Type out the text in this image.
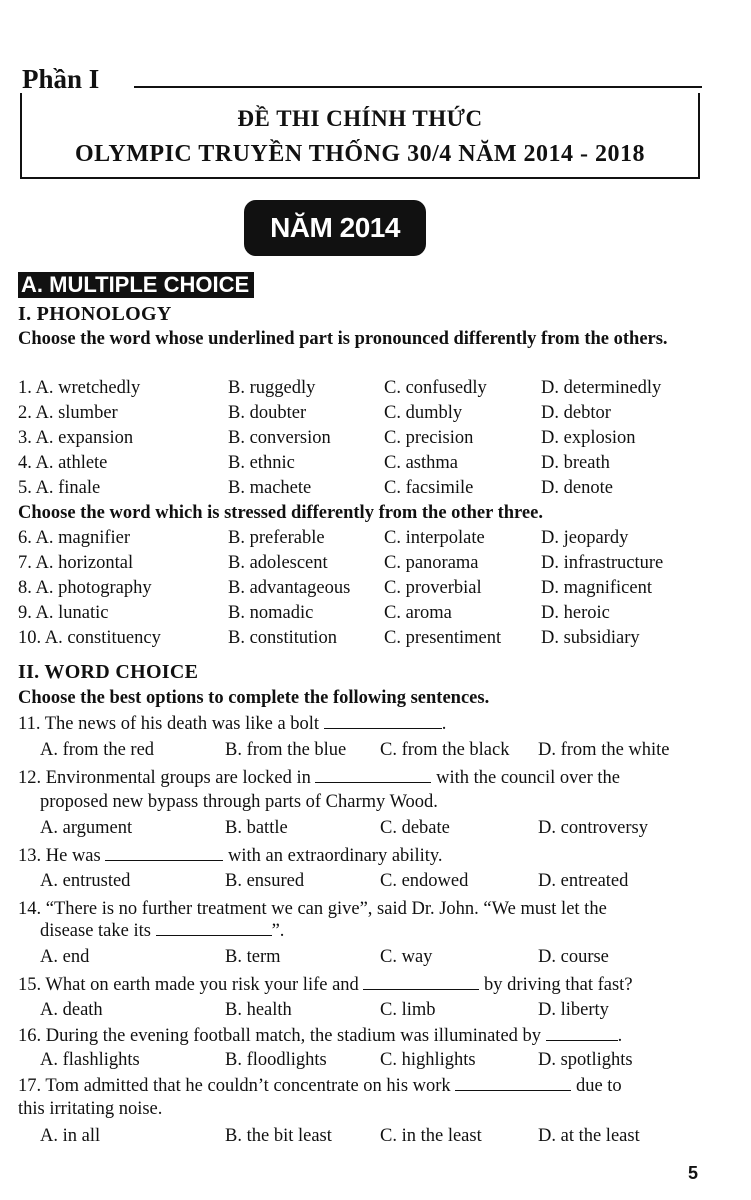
Phần I
ĐỀ THI CHÍNH THỨC
OLYMPIC TRUYỀN THỐNG 30/4 NĂM 2014 - 2018
NĂM 2014
A. MULTIPLE CHOICE
I. PHONOLOGY
Choose the word whose underlined part is pronounced differently from the others.
1. A. wretchedly	B. ruggedly	C. confusedly	D. determinedly
2. A. slumber	B. doubter	C. dumbly	D. debtor
3. A. expansion	B. conversion	C. precision	D. explosion
4. A. athlete	B. ethnic	C. asthma	D. breath
5. A. finale	B. machete	C. facsimile	D. denote
Choose the word which is stressed differently from the other three.
6. A. magnifier	B. preferable	C. interpolate	D. jeopardy
7. A. horizontal	B. adolescent	C. panorama	D. infrastructure
8. A. photography	B. advantageous C. proverbial	D. magnificent
9. A. lunatic	B. nomadic	C. aroma	D. heroic
10. A. constituency	B. constitution	C. presentiment D. subsidiary
II. WORD CHOICE
Choose the best options to complete the following sentences.
11. The news of his death was like a bolt	.
A. from the red	B. from the blue C. from the black D. from the white
12. Environmental groups are locked in	with the council over the
proposed new bypass through parts of Charmy Wood.
A. argument	B. battle	C. debate	D. controversy
13. He was	with an extraordinary ability.
A. entrusted	B. ensured	C. endowed	D. entreated
14. “There is no further treatment we can give”, said Dr. John. “We must let the
disease take its	”.
A. end	B. term	C. way	D. course
15. What on earth made you risk your life and	by driving that fast?
A. death	B. health	C. limb	D. liberty
16. During the evening football match, the stadium was illuminated by	.
A. flashlights	B. floodlights	C. highlights	D. spotlights
17. Tom admitted that he couldn’t concentrate on his work	due to
this irritating noise.
A. in all	B. the bit least	C. in the least	D. at the least
5
